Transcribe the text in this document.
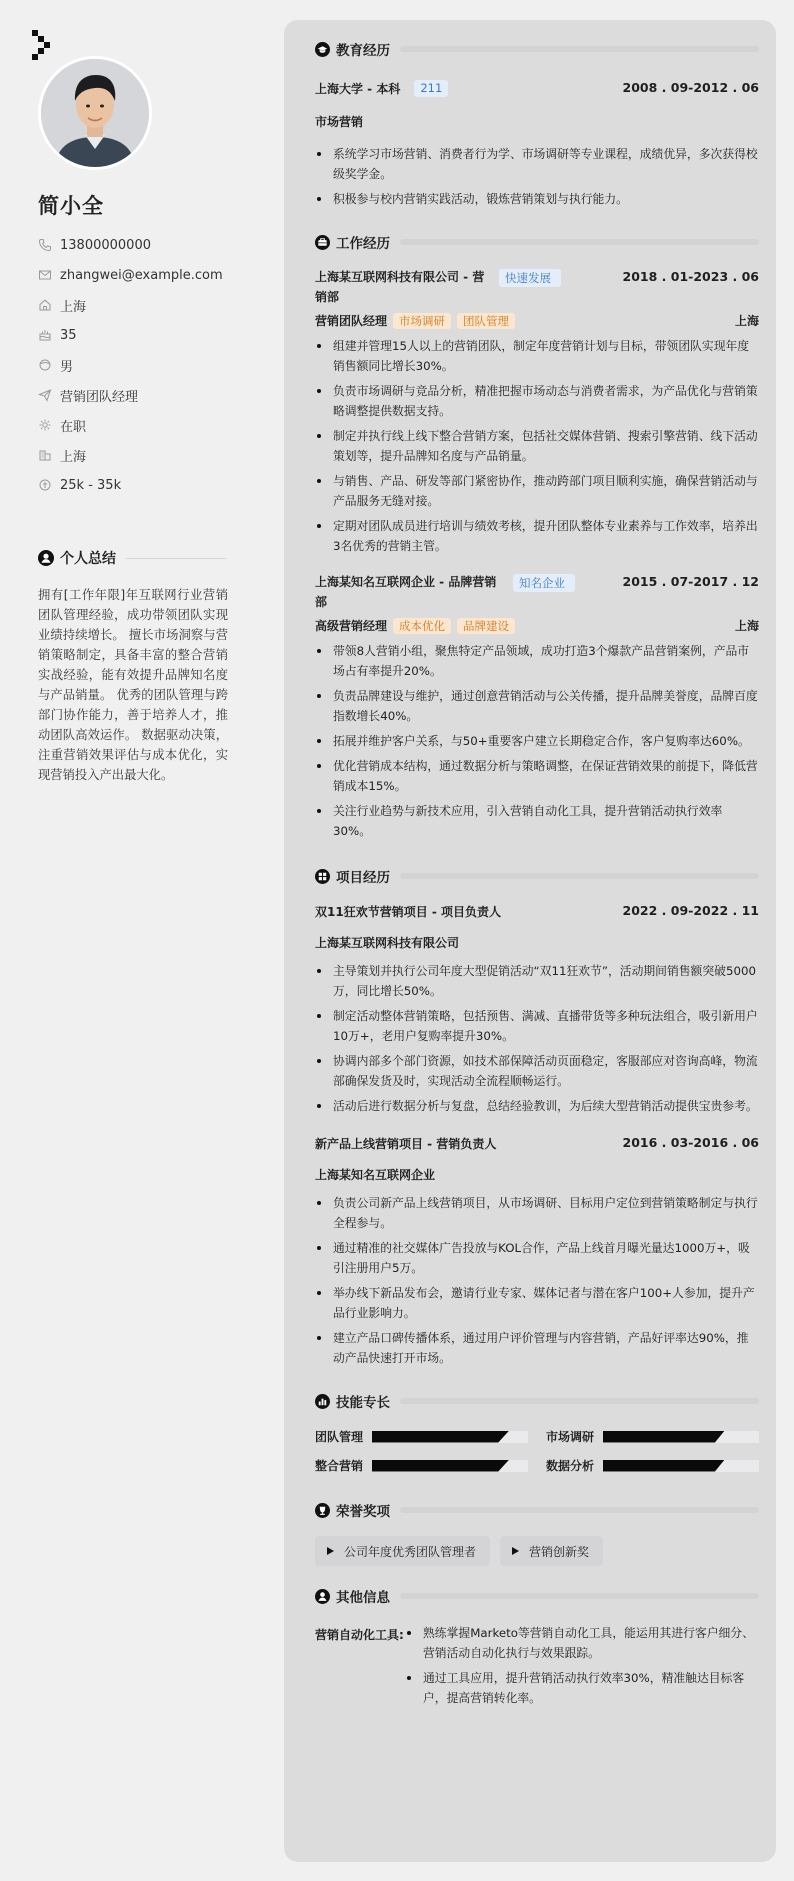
简小全
13800000000
zhangwei@example.com
上海
35
男
营销团队经理
在职
上海
25k - 35k
个人总结
拥有[工作年限]年互联网行业营销团队管理经验，成功带领团队实现业绩持续增长。 擅长市场洞察与营销策略制定，具备丰富的整合营销实战经验，能有效提升品牌知名度与产品销量。 优秀的团队管理与跨部门协作能力，善于培养人才，推动团队高效运作。 数据驱动决策，注重营销效果评估与成本优化，实现营销投入产出最大化。
教育经历
上海大学 - 本科	211	2008 . 09-2012 . 06
市场营销
系统学习市场营销、消费者行为学、市场调研等专业课程，成绩优异，多次获得校级奖学金。
积极参与校内营销实践活动，锻炼营销策划与执行能力。
工作经历
上海某互联网科技有限公司 - 营销部
快速发展	2018 . 01-2023 . 06
营销团队经理	市场调研	团队管理	上海
组建并管理15人以上的营销团队，制定年度营销计划与目标，带领团队实现年度销售额同比增长30%。
负责市场调研与竞品分析，精准把握市场动态与消费者需求，为产品优化与营销策略调整提供数据支持。
制定并执行线上线下整合营销方案，包括社交媒体营销、搜索引擎营销、线下活动策划等，提升品牌知名度与产品销量。
与销售、产品、研发等部门紧密协作，推动跨部门项目顺利实施，确保营销活动与产品服务无缝对接。
定期对团队成员进行培训与绩效考核，提升团队整体专业素养与工作效率，培养出3名优秀的营销主管。
上海某知名互联网企业 - 品牌营销部
知名企业	2015 . 07-2017 . 12
高级营销经理	成本优化	品牌建设	上海
带领8人营销小组，聚焦特定产品领域，成功打造3个爆款产品营销案例，产品市场占有率提升20%。
负责品牌建设与维护，通过创意营销活动与公关传播，提升品牌美誉度，品牌百度指数增长40%。
拓展并维护客户关系，与50+重要客户建立长期稳定合作，客户复购率达60%。
优化营销成本结构，通过数据分析与策略调整，在保证营销效果的前提下，降低营销成本15%。
关注行业趋势与新技术应用，引入营销自动化工具，提升营销活动执行效率30%。
项目经历
双11狂欢节营销项目 - 项目负责人	2022 . 09-2022 . 11
上海某互联网科技有限公司
主导策划并执行公司年度大型促销活动“双11狂欢节”，活动期间销售额突破5000万，同比增长50%。
制定活动整体营销策略，包括预售、满减、直播带货等多种玩法组合，吸引新用户10万+，老用户复购率提升30%。
协调内部多个部门资源，如技术部保障活动页面稳定，客服部应对咨询高峰，物流部确保发货及时，实现活动全流程顺畅运行。
活动后进行数据分析与复盘，总结经验教训，为后续大型营销活动提供宝贵参考。
新产品上线营销项目 - 营销负责人	2016 . 03-2016 . 06
上海某知名互联网企业
负责公司新产品上线营销项目，从市场调研、目标用户定位到营销策略制定与执行全程参与。
通过精准的社交媒体广告投放与KOL合作，产品上线首月曝光量达1000万+，吸引注册用户5万。
举办线下新品发布会，邀请行业专家、媒体记者与潜在客户100+人参加，提升产品行业影响力。
建立产品口碑传播体系，通过用户评价管理与内容营销，产品好评率达90%，推动产品快速打开市场。
技能专长
团队管理	市场调研
整合营销	数据分析
荣誉奖项
公司年度优秀团队管理者	营销创新奖
其他信息
营销自动化工具:	熟练掌握Marketo等营销自动化工具，能运用其进行客户细分、营销活动自动化执行与效果跟踪。
通过工具应用，提升营销活动执行效率30%，精准触达目标客户，提高营销转化率。
